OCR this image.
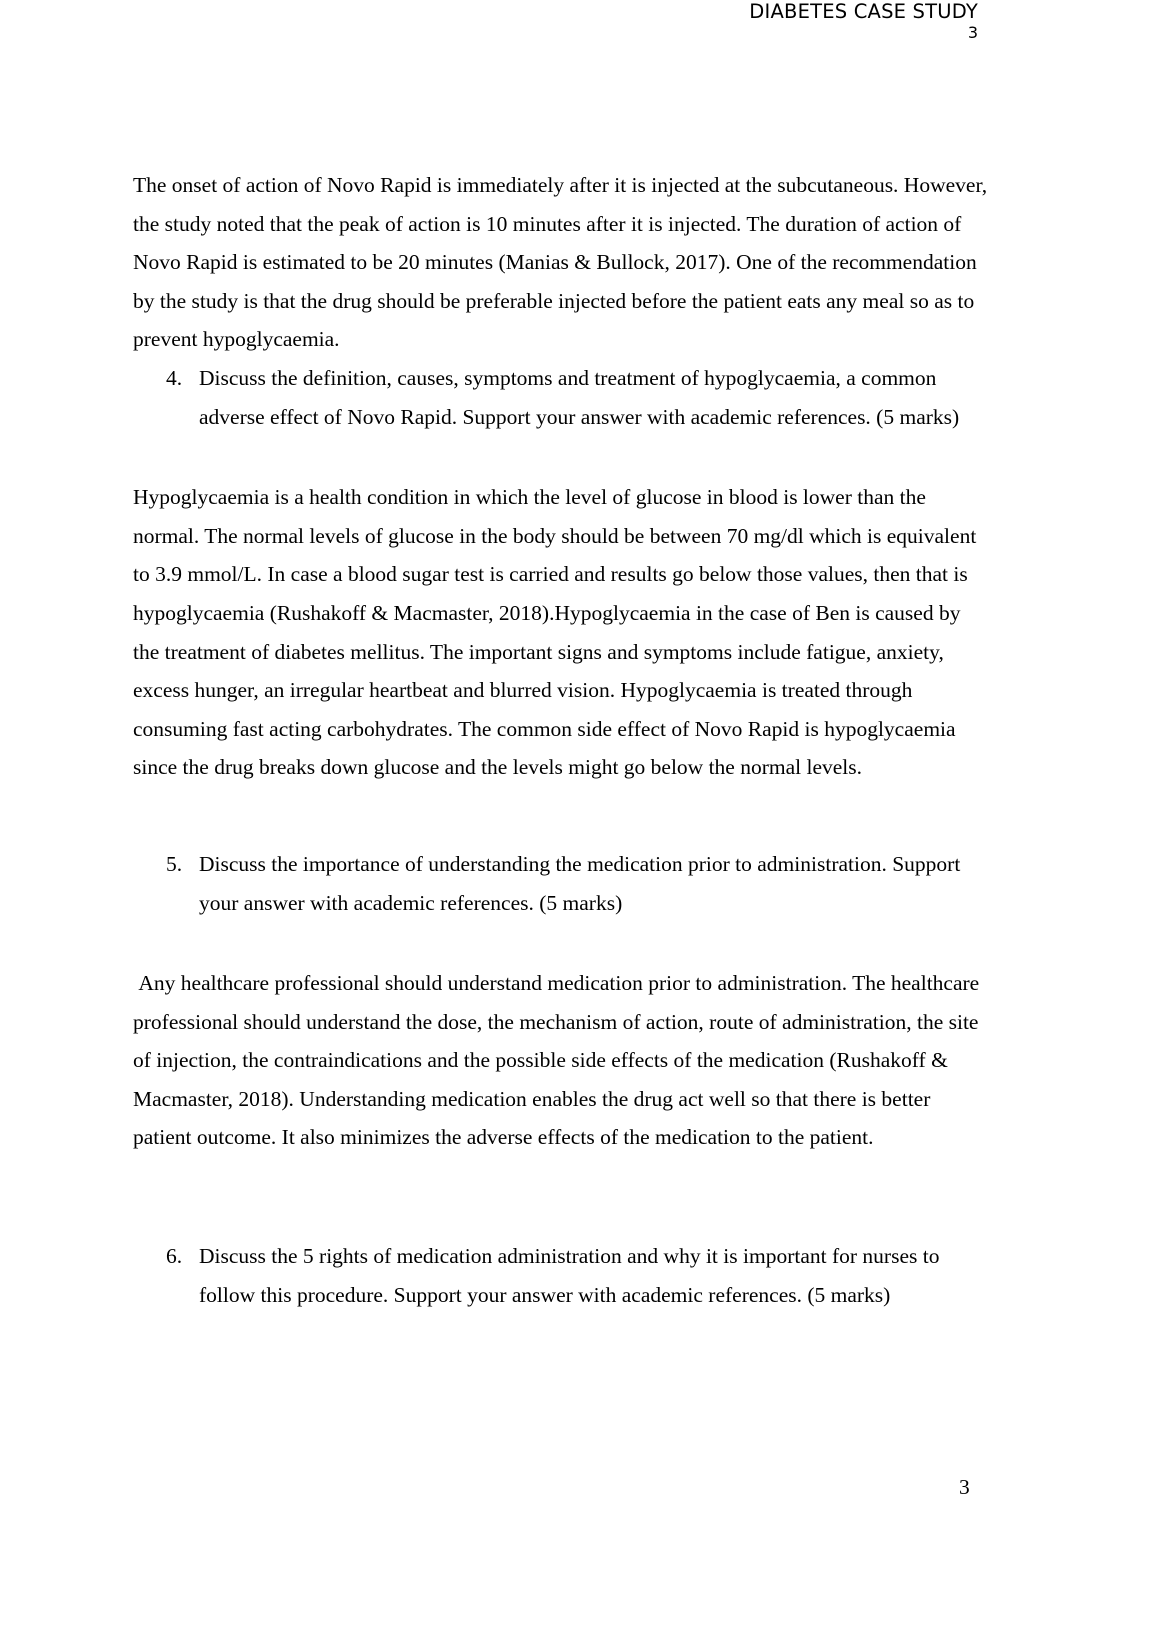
DIABETES CASE STUDY
3

The onset of action of Novo Rapid is immediately after it is injected at the subcutaneous. However, the study noted that the peak of action is 10 minutes after it is injected. The duration of action of Novo Rapid is estimated to be 20 minutes (Manias & Bullock, 2017). One of the recommendation by the study is that the drug should be preferable injected before the patient eats any meal so as to prevent hypoglycaemia.

4. Discuss the definition, causes, symptoms and treatment of hypoglycaemia, a common adverse effect of Novo Rapid. Support your answer with academic references. (5 marks)

Hypoglycaemia is a health condition in which the level of glucose in blood is lower than the normal. The normal levels of glucose in the body should be between 70 mg/dl which is equivalent to 3.9 mmol/L. In case a blood sugar test is carried and results go below those values, then that is hypoglycaemia (Rushakoff & Macmaster, 2018).Hypoglycaemia in the case of Ben is caused by the treatment of diabetes mellitus. The important signs and symptoms include fatigue, anxiety, excess hunger, an irregular heartbeat and blurred vision. Hypoglycaemia is treated through consuming fast acting carbohydrates. The common side effect of Novo Rapid is hypoglycaemia since the drug breaks down glucose and the levels might go below the normal levels.

5. Discuss the importance of understanding the medication prior to administration. Support your answer with academic references. (5 marks)

Any healthcare professional should understand medication prior to administration. The healthcare professional should understand the dose, the mechanism of action, route of administration, the site of injection, the contraindications and the possible side effects of the medication (Rushakoff & Macmaster, 2018). Understanding medication enables the drug act well so that there is better patient outcome. It also minimizes the adverse effects of the medication to the patient.

6. Discuss the 5 rights of medication administration and why it is important for nurses to follow this procedure. Support your answer with academic references. (5 marks)
3
